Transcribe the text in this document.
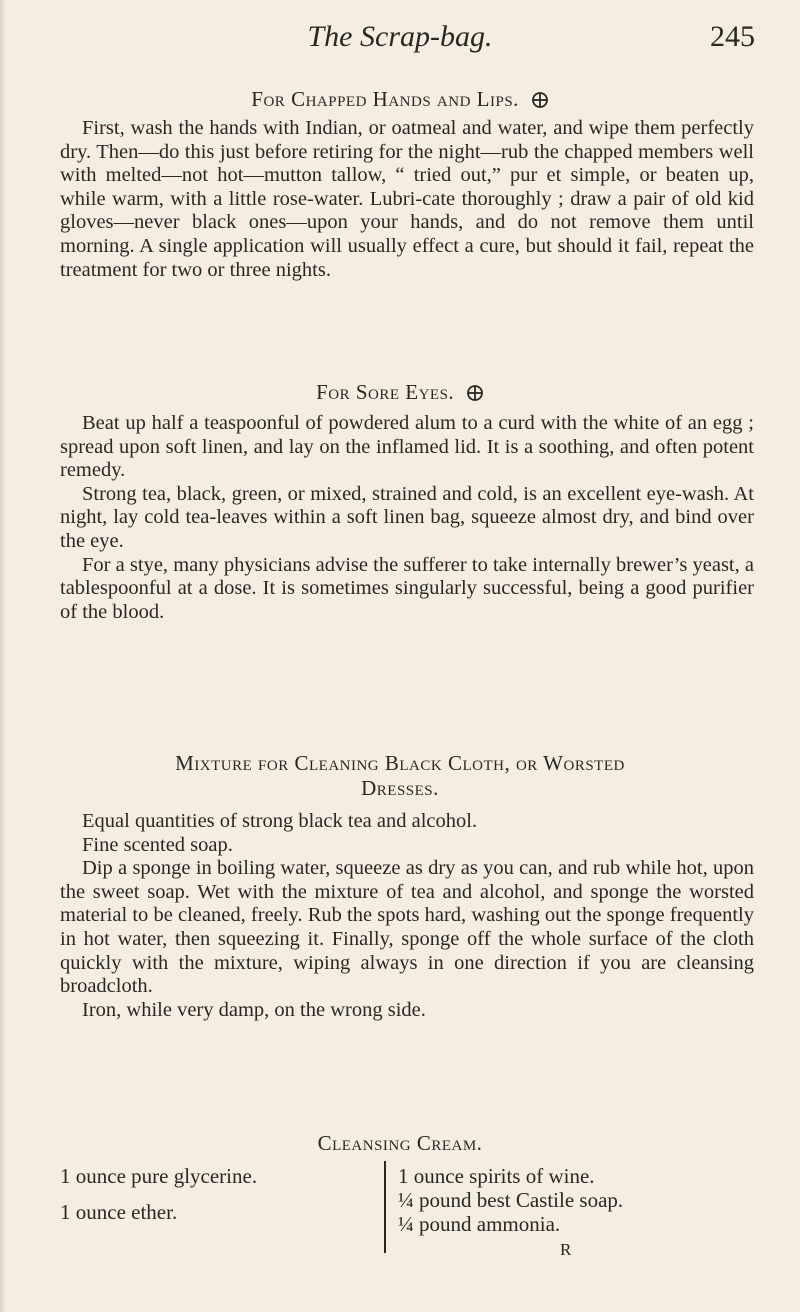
The Scrap-bag.	245
For Chapped Hands and Lips.

First, wash the hands with Indian, or oatmeal and water, and wipe them perfectly dry. Then—do this just before retiring for the night—rub the chapped members well with melted—not hot—mutton tallow, “ tried out,” pur et simple, or beaten up, while warm, with a little rose-water. Lubri-cate thoroughly ; draw a pair of old kid gloves—never black ones—upon your hands, and do not remove them until morning. A single application will usually effect a cure, but should it fail, repeat the treatment for two or three nights.

For Sore Eyes.

Beat up half a teaspoonful of powdered alum to a curd with the white of an egg ; spread upon soft linen, and lay on the inflamed lid. It is a soothing, and often potent remedy.

Strong tea, black, green, or mixed, strained and cold, is an excellent eye-wash. At night, lay cold tea-leaves within a soft linen bag, squeeze almost dry, and bind over the eye.

For a stye, many physicians advise the sufferer to take internally brewer’s yeast, a tablespoonful at a dose. It is sometimes singularly successful, being a good purifier of the blood.

Mixture for Cleaning Black Cloth, or Worsted
Dresses.

Equal quantities of strong black tea and alcohol.

Fine scented soap.

Dip a sponge in boiling water, squeeze as dry as you can, and rub while hot, upon the sweet soap. Wet with the mixture of tea and alcohol, and sponge the worsted material to be cleaned, freely. Rub the spots hard, washing out the sponge frequently in hot water, then squeezing it. Finally, sponge off the whole surface of the cloth quickly with the mixture, wiping always in one direction if you are cleansing broadcloth.

Iron, while very damp, on the wrong side.

Cleansing Cream.
1 ounce pure glycerine.
1 ounce ether.
1 ounce spirits of wine.
¼ pound best Castile soap.
¼ pound ammonia.
R
